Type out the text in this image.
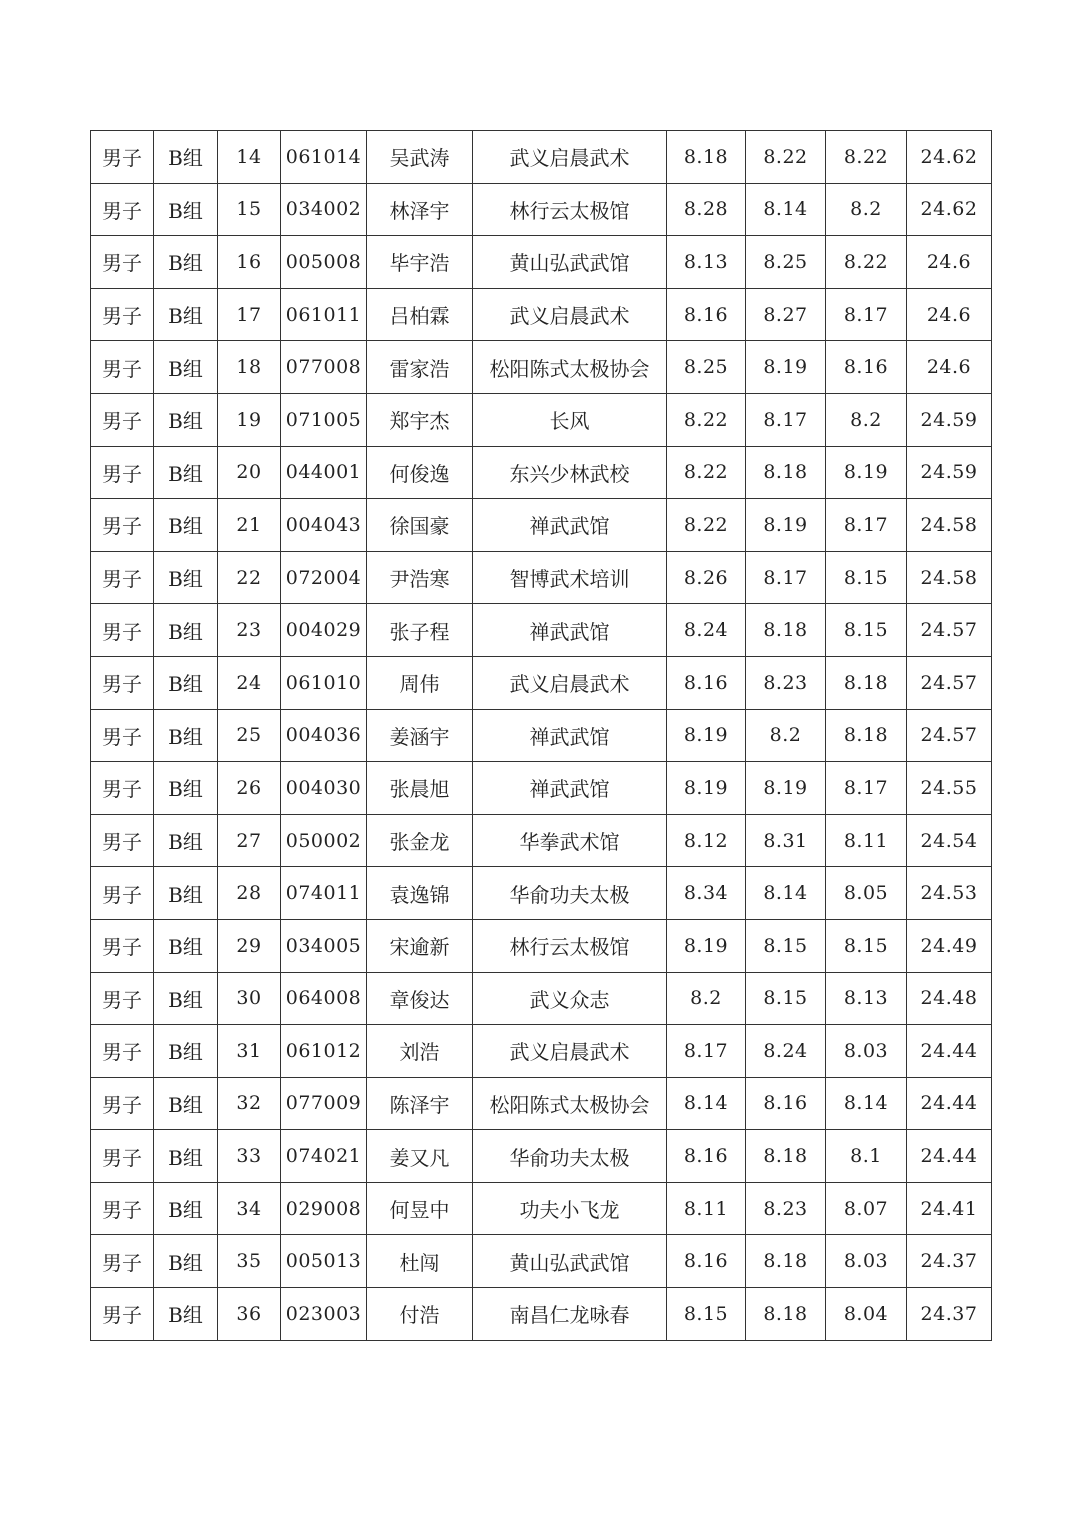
男子	B组	14	061014	吴武涛	武义启晨武术	8.18	8.22	8.22	24.62
男子	B组	15	034002	林泽宇	林行云太极馆	8.28	8.14	8.2	24.62
男子	B组	16	005008	毕宇浩	黄山弘武武馆	8.13	8.25	8.22	24.6
男子	B组	17	061011	吕柏霖	武义启晨武术	8.16	8.27	8.17	24.6
男子	B组	18	077008	雷家浩	松阳陈式太极协会	8.25	8.19	8.16	24.6
男子	B组	19	071005	郑宇杰	长风	8.22	8.17	8.2	24.59
男子	B组	20	044001	何俊逸	东兴少林武校	8.22	8.18	8.19	24.59
男子	B组	21	004043	徐国豪	禅武武馆	8.22	8.19	8.17	24.58
男子	B组	22	072004	尹浩寒	智博武术培训	8.26	8.17	8.15	24.58
男子	B组	23	004029	张子程	禅武武馆	8.24	8.18	8.15	24.57
男子	B组	24	061010	周伟	武义启晨武术	8.16	8.23	8.18	24.57
男子	B组	25	004036	姜涵宇	禅武武馆	8.19	8.2	8.18	24.57
男子	B组	26	004030	张晨旭	禅武武馆	8.19	8.19	8.17	24.55
男子	B组	27	050002	张金龙	华拳武术馆	8.12	8.31	8.11	24.54
男子	B组	28	074011	袁逸锦	华俞功夫太极	8.34	8.14	8.05	24.53
男子	B组	29	034005	宋逾新	林行云太极馆	8.19	8.15	8.15	24.49
男子	B组	30	064008	章俊达	武义众志	8.2	8.15	8.13	24.48
男子	B组	31	061012	刘浩	武义启晨武术	8.17	8.24	8.03	24.44
男子	B组	32	077009	陈泽宇	松阳陈式太极协会	8.14	8.16	8.14	24.44
男子	B组	33	074021	姜又凡	华俞功夫太极	8.16	8.18	8.1	24.44
男子	B组	34	029008	何昱中	功夫小飞龙	8.11	8.23	8.07	24.41
男子	B组	35	005013	杜闯	黄山弘武武馆	8.16	8.18	8.03	24.37
男子	B组	36	023003	付浩	南昌仁龙咏春	8.15	8.18	8.04	24.37
